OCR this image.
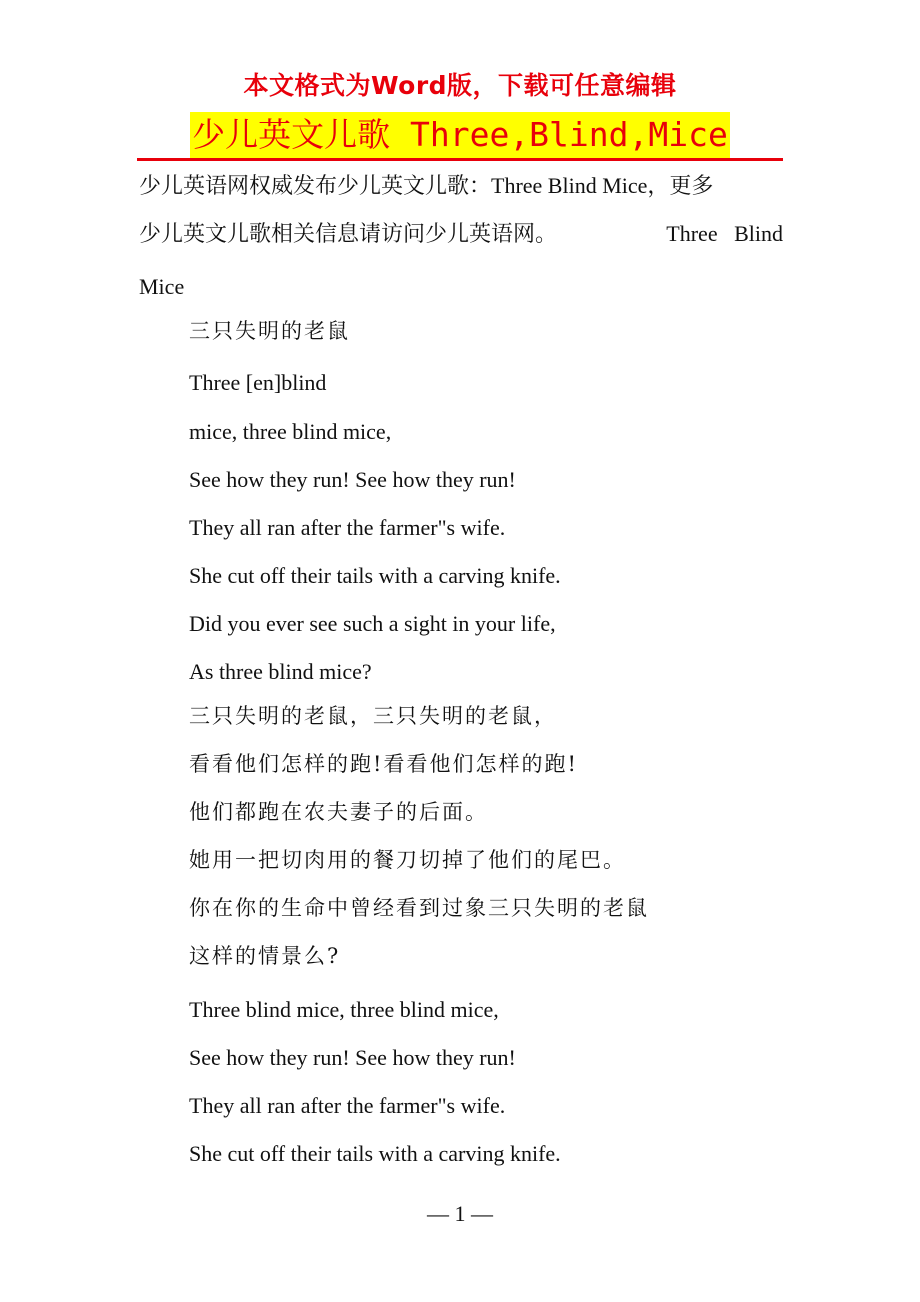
本文格式为Word版，下载可任意编辑
少儿英文儿歌 Three,Blind,Mice
少儿英语网权威发布少儿英文儿歌：Three Blind Mice，更多
少儿英文儿歌相关信息请访问少儿英语网。	Three   Blind
Mice
三只失明的老鼠
Three [en]blind
mice, three blind mice,
See how they run! See how they run!
They all ran after the farmer"s wife.
She cut off their tails with a carving knife.
Did you ever see such a sight in your life,
As three blind mice?
三只失明的老鼠，三只失明的老鼠，
看看他们怎样的跑!看看他们怎样的跑!
他们都跑在农夫妻子的后面。
她用一把切肉用的餐刀切掉了他们的尾巴。
你在你的生命中曾经看到过象三只失明的老鼠
这样的情景么?
Three blind mice, three blind mice,
See how they run! See how they run!
They all ran after the farmer"s wife.
She cut off their tails with a carving knife.
— 1 —
